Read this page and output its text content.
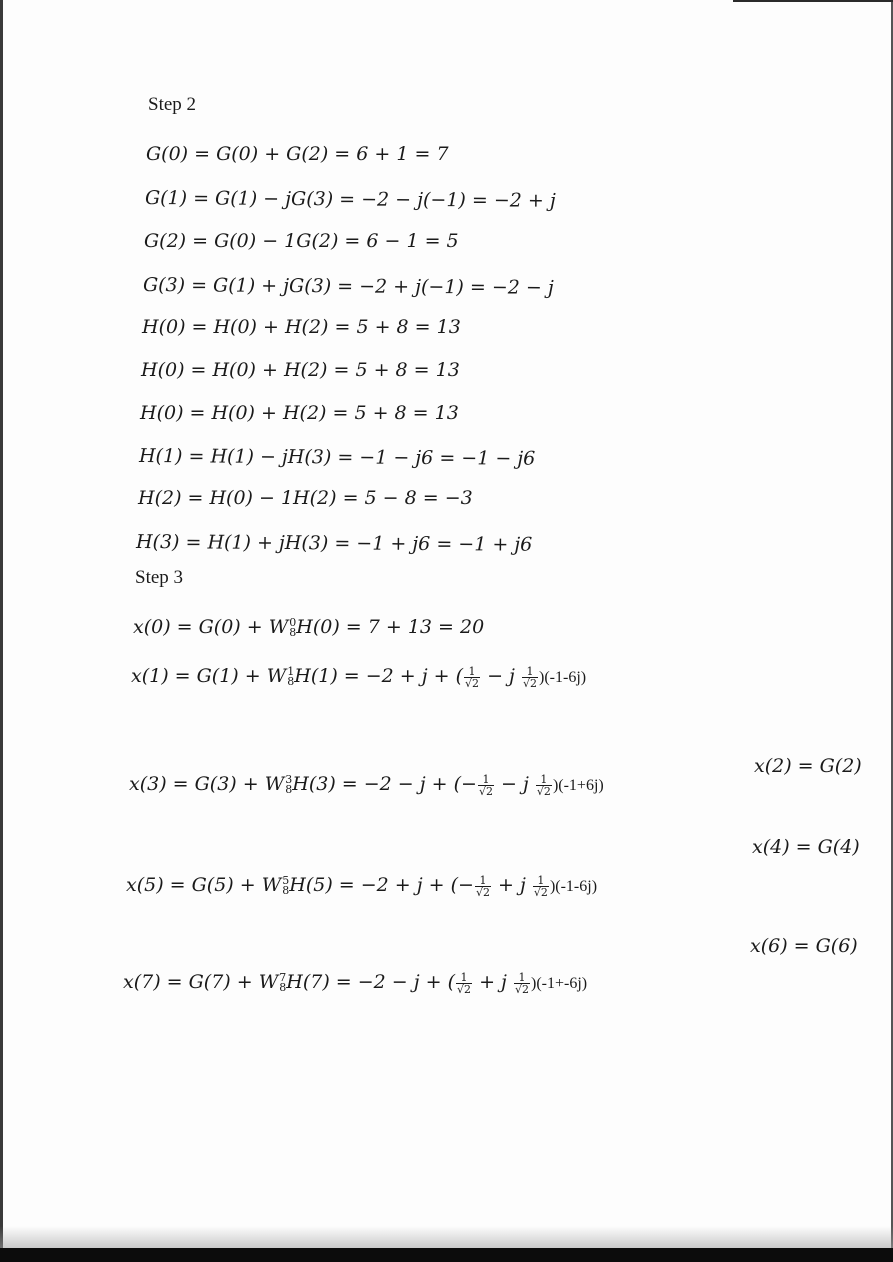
Step 2
G(0) = G(0) + G(2) = 6 + 1 = 7
G(1) = G(1) − jG(3) = −2 − j(−1) = −2 + j
G(2) = G(0) − 1G(2) = 6 − 1 = 5
G(3) = G(1) + jG(3) = −2 + j(−1) = −2 − j
H(0) = H(0) + H(2) = 5 + 8 = 13
H(0) = H(0) + H(2) = 5 + 8 = 13
H(0) = H(0) + H(2) = 5 + 8 = 13
H(1) = H(1) − jH(3) = −1 − j6 = −1 − j6
H(2) = H(0) − 1H(2) = 5 − 8 = −3
H(3) = H(1) + jH(3) = −1 + j6 = −1 + j6
Step 3
x(0) = G(0) + W 0
8 H(0) = 7 + 13 = 20
x(1) = G(1) + W 1
8 H(1) = −2 + j + ( $\frac{1}{√2} - j \frac{1}{√2} )(-1-6j)$
x(2) = G(2)
x(3) = G(3) + W 3
8 H(3) = −2 − j + (− $\frac{1}{√2} - j \frac{1}{√2} )(-1+6j)$
x(4) = G(4)
x(5) = G(5) + W 5
8 H(5) = −2 + j + (− $\frac{1}{√2} + j \frac{1}{√2} )(-1-6j)$
x(6) = G(6)
x(7) = G(7) + W 7
8 H(7) = −2 − j + ( $\frac{1}{√2} + j \frac{1}{√2} )(-1+-6j)$
